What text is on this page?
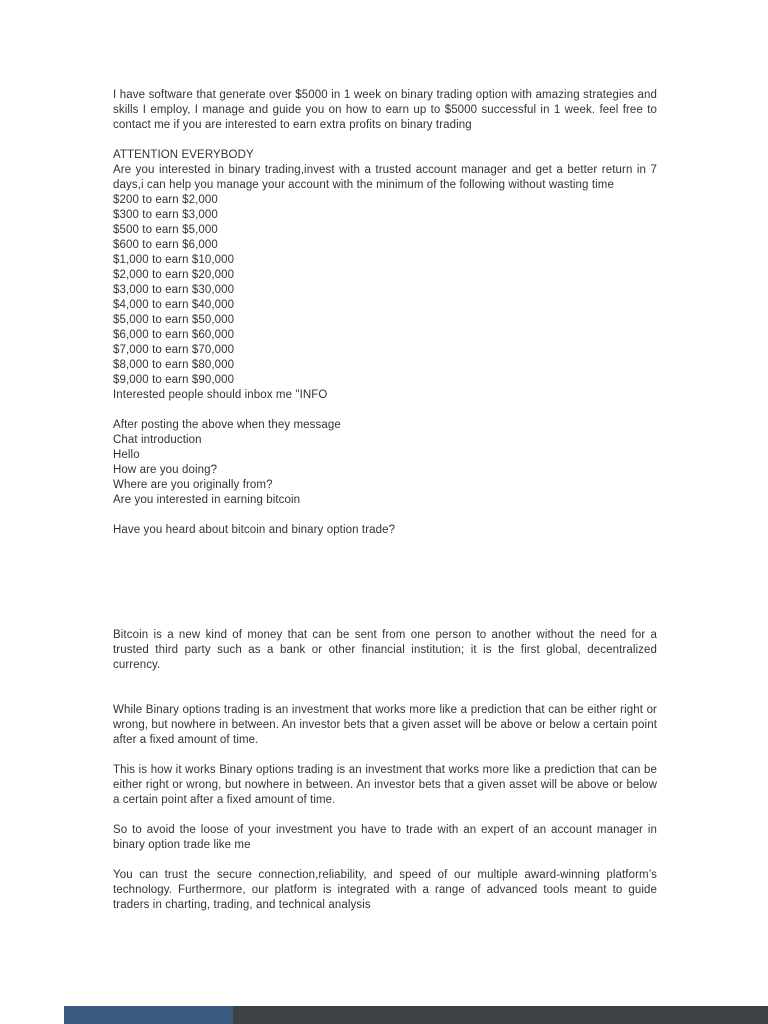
I have software that generate over $5000 in 1 week on binary trading option with amazing strategies and skills I employ, I manage and guide you on how to earn up to $5000 successful in 1 week. feel free to contact me if you are interested to earn extra profits on binary trading

ATTENTION EVERYBODY

Are you interested in binary trading,invest with a trusted account manager and get a better return in 7 days,i can help you manage your account with the minimum of the following without wasting time

$200 to earn $2,000
$300 to earn $3,000
$500 to earn $5,000
$600 to earn $6,000
$1,000 to earn $10,000
$2,000 to earn $20,000
$3,000 to earn $30,000
$4,000 to earn $40,000
$5,000 to earn $50,000
$6,000 to earn $60,000
$7,000 to earn $70,000
$8,000 to earn $80,000
$9,000 to earn $90,000
Interested people should inbox me "INFO
After posting the above when they message
Chat introduction
Hello
How are you doing?
Where are you originally from?
Are you interested in earning bitcoin

Have you heard about bitcoin and binary option trade?

Bitcoin is a new kind of money that can be sent from one person to another without the need for a trusted third party such as a bank or other financial institution; it is the first global, decentralized currency.

While Binary options trading is an investment that works more like a prediction that can be either right or wrong, but nowhere in between. An investor bets that a given asset will be above or below a certain point after a fixed amount of time.

This is how it works Binary options trading is an investment that works more like a prediction that can be either right or wrong, but nowhere in between. An investor bets that a given asset will be above or below a certain point after a fixed amount of time.

So to avoid the loose of your investment you have to trade with an expert of an account manager in binary option trade like me

You can trust the secure connection,reliability, and speed of our multiple award-winning platform’s technology. Furthermore, our platform is integrated with a range of advanced tools meant to guide traders in charting, trading, and technical analysis
